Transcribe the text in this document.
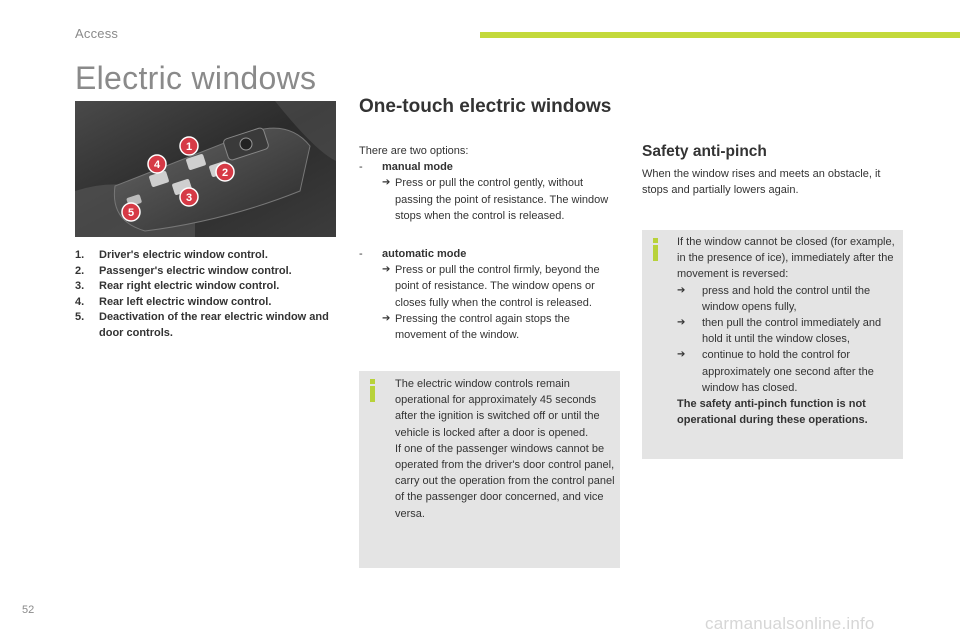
Access
Electric windows
1
2
3
4
5
1.	Driver's electric window control.
2.	Passenger's electric window control.
3.	Rear right electric window control.
4.	Rear left electric window control.
5.	Deactivation of the rear electric window and door controls.
One-touch electric windows
There are two options:
-	manual mode
➔ Press or pull the control gently, without passing the point of resistance. The window stops when the control is released.
-	automatic mode
➔ Press or pull the control firmly, beyond the point of resistance. The window opens or closes fully when the control is released.
➔ Pressing the control again stops the movement of the window.
The electric window controls remain operational for approximately 45 seconds after the ignition is switched off or until the vehicle is locked after a door is opened.
If one of the passenger windows cannot be operated from the driver's door control panel, carry out the operation from the control panel of the passenger door concerned, and vice versa.
Safety anti-pinch
When the window rises and meets an obstacle, it stops and partially lowers again.
If the window cannot be closed (for example, in the presence of ice), immediately after the movement is reversed:
➔	press and hold the control until the window opens fully,
➔	then pull the control immediately and hold it until the window closes,
➔	continue to hold the control for approximately one second after the window has closed.
The safety anti-pinch function is not operational during these operations.
52
carmanualsonline.info
